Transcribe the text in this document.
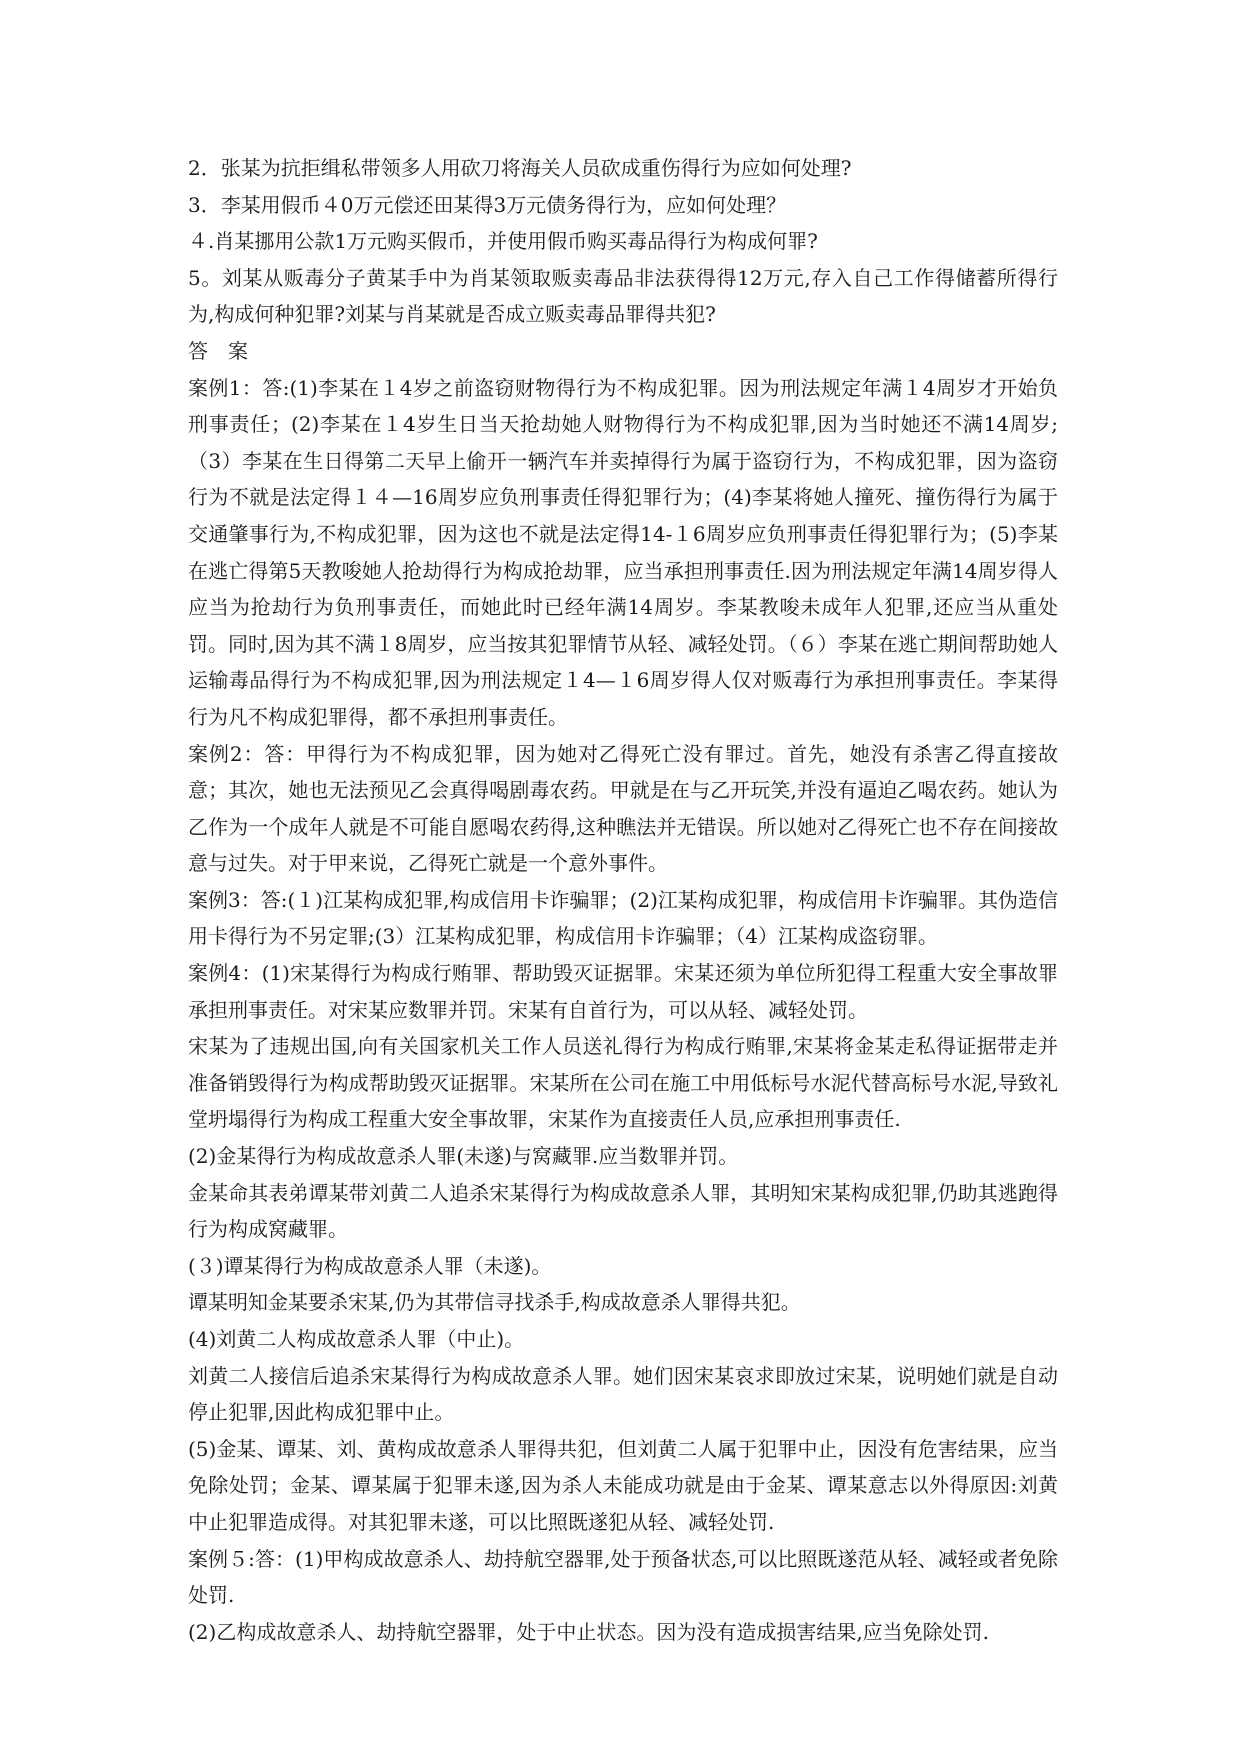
2．张某为抗拒缉私带领多人用砍刀将海关人员砍成重伤得行为应如何处理?

3．李某用假币４0万元偿还田某得3万元债务得行为，应如何处理？

４.肖某挪用公款1万元购买假币，并使用假币购买毒品得行为构成何罪?

5。刘某从贩毒分子黄某手中为肖某领取贩卖毒品非法获得得12万元,存入自己工作得储蓄所得行为,构成何种犯罪?刘某与肖某就是否成立贩卖毒品罪得共犯?

答　案

案例1：答:(1)李某在１4岁之前盗窃财物得行为不构成犯罪。因为刑法规定年满１4周岁才开始负刑事责任；(2)李某在１4岁生日当天抢劫她人财物得行为不构成犯罪,因为当时她还不满14周岁;（3）李某在生日得第二天早上偷开一辆汽车并卖掉得行为属于盗窃行为，不构成犯罪，因为盗窃行为不就是法定得１４—16周岁应负刑事责任得犯罪行为；(4)李某将她人撞死、撞伤得行为属于交通肇事行为,不构成犯罪，因为这也不就是法定得14-１6周岁应负刑事责任得犯罪行为；(5)李某在逃亡得第5天教唆她人抢劫得行为构成抢劫罪，应当承担刑事责任.因为刑法规定年满14周岁得人应当为抢劫行为负刑事责任，而她此时已经年满14周岁。李某教唆未成年人犯罪,还应当从重处罚。同时,因为其不满１8周岁，应当按其犯罪情节从轻、减轻处罚。（６）李某在逃亡期间帮助她人运输毒品得行为不构成犯罪,因为刑法规定１4—１6周岁得人仅对贩毒行为承担刑事责任。李某得行为凡不构成犯罪得，都不承担刑事责任。

案例2：答：甲得行为不构成犯罪，因为她对乙得死亡没有罪过。首先，她没有杀害乙得直接故意；其次，她也无法预见乙会真得喝剧毒农药。甲就是在与乙开玩笑,并没有逼迫乙喝农药。她认为乙作为一个成年人就是不可能自愿喝农药得,这种瞧法并无错误。所以她对乙得死亡也不存在间接故意与过失。对于甲来说，乙得死亡就是一个意外事件。

案例3：答:(１)江某构成犯罪,构成信用卡诈骗罪；(2)江某构成犯罪，构成信用卡诈骗罪。其伪造信用卡得行为不另定罪;(3）江某构成犯罪，构成信用卡诈骗罪；（4）江某构成盗窃罪。

案例4：(1)宋某得行为构成行贿罪、帮助毁灭证据罪。宋某还须为单位所犯得工程重大安全事故罪承担刑事责任。对宋某应数罪并罚。宋某有自首行为，可以从轻、减轻处罚。

宋某为了违规出国,向有关国家机关工作人员送礼得行为构成行贿罪,宋某将金某走私得证据带走并准备销毁得行为构成帮助毁灭证据罪。宋某所在公司在施工中用低标号水泥代替高标号水泥,导致礼堂坍塌得行为构成工程重大安全事故罪，宋某作为直接责任人员,应承担刑事责任.

(2)金某得行为构成故意杀人罪(未遂)与窝藏罪.应当数罪并罚。

金某命其表弟谭某带刘黄二人追杀宋某得行为构成故意杀人罪，其明知宋某构成犯罪,仍助其逃跑得行为构成窝藏罪。

(３)谭某得行为构成故意杀人罪（未遂)。

谭某明知金某要杀宋某,仍为其带信寻找杀手,构成故意杀人罪得共犯。

(4)刘黄二人构成故意杀人罪（中止)。

刘黄二人接信后追杀宋某得行为构成故意杀人罪。她们因宋某哀求即放过宋某，说明她们就是自动停止犯罪,因此构成犯罪中止。

(5)金某、谭某、刘、黄构成故意杀人罪得共犯，但刘黄二人属于犯罪中止，因没有危害结果，应当免除处罚；金某、谭某属于犯罪未遂,因为杀人未能成功就是由于金某、谭某意志以外得原因:刘黄中止犯罪造成得。对其犯罪未遂，可以比照既遂犯从轻、减轻处罚.

案例５:答：(1)甲构成故意杀人、劫持航空器罪,处于预备状态,可以比照既遂范从轻、减轻或者免除处罚.

(2)乙构成故意杀人、劫持航空器罪，处于中止状态。因为没有造成损害结果,应当免除处罚.
